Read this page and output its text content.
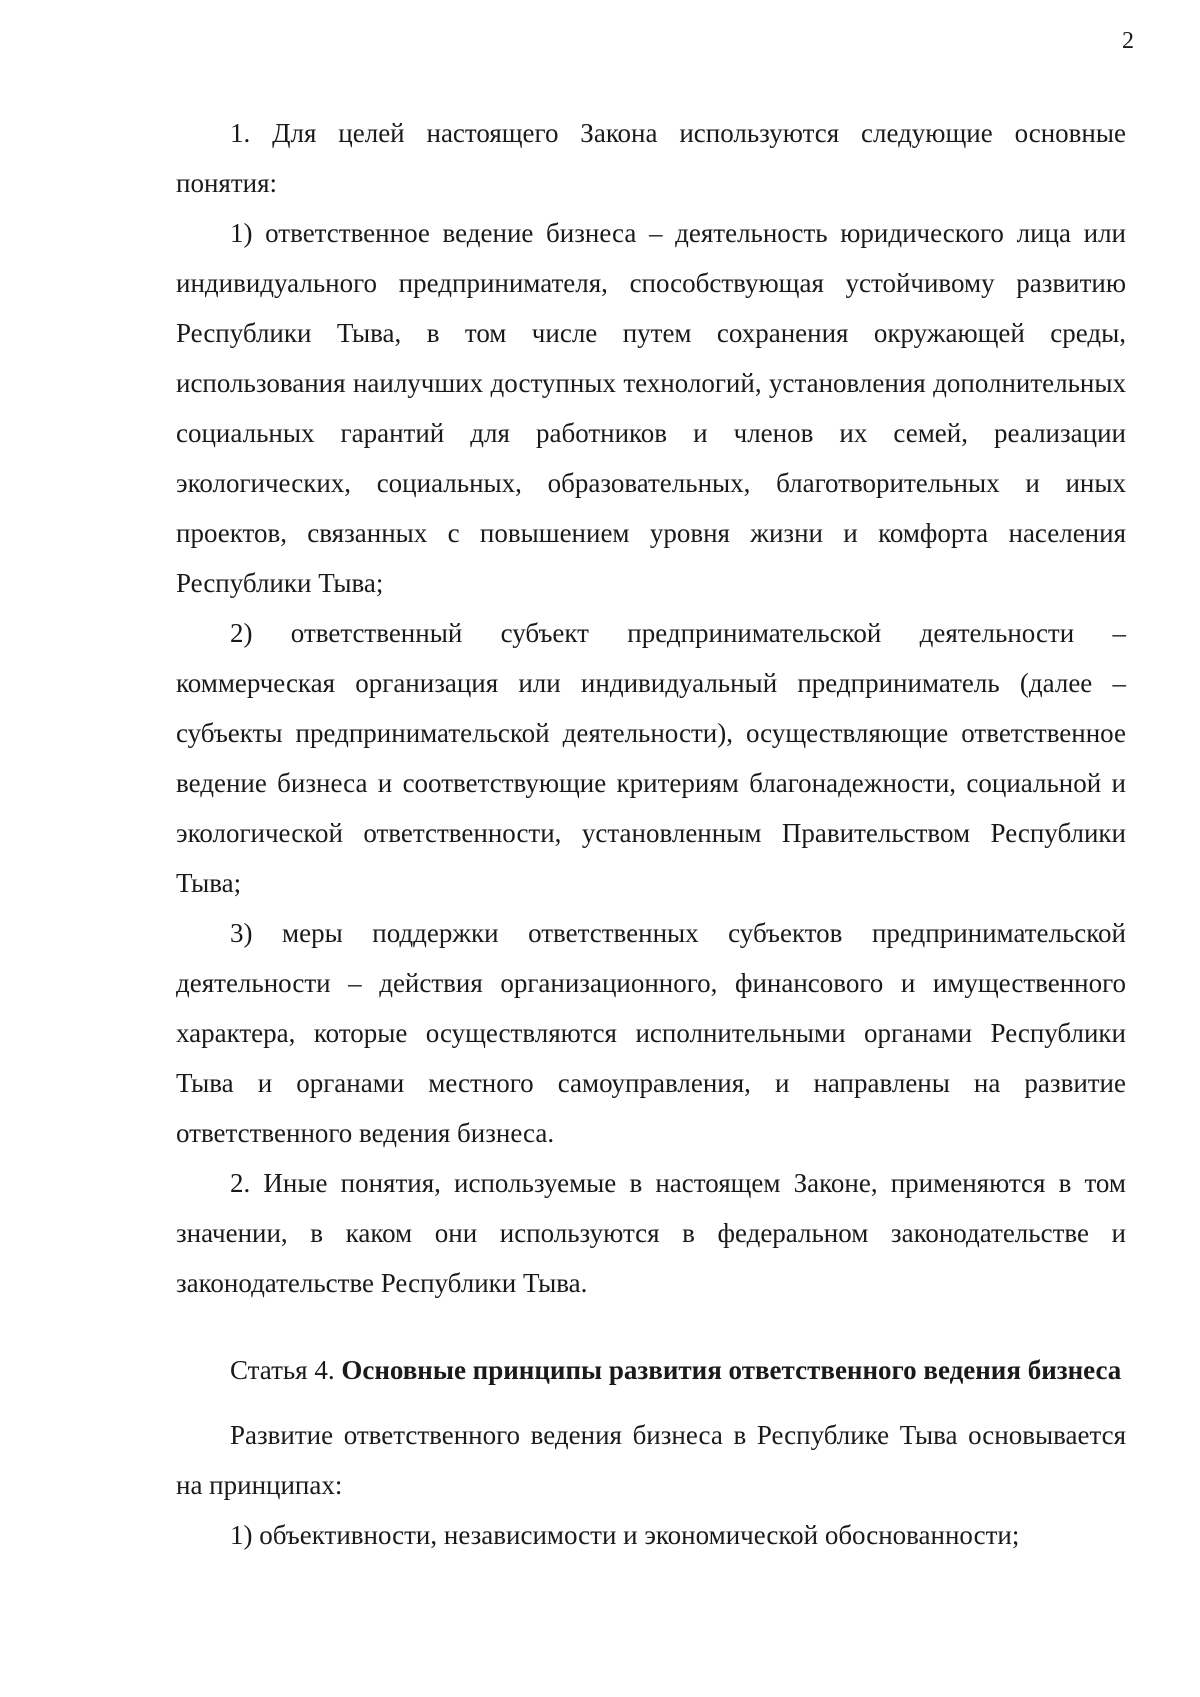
2

1. Для целей настоящего Закона используются следующие основные понятия:

1) ответственное ведение бизнеса – деятельность юридического лица или индивидуального предпринимателя, способствующая устойчивому развитию Республики Тыва, в том числе путем сохранения окружающей среды, использования наилучших доступных технологий, установления дополнительных социальных гарантий для работников и членов их семей, реализации экологических, социальных, образовательных, благотворительных и иных проектов, связанных с повышением уровня жизни и комфорта населения Республики Тыва;

2) ответственный субъект предпринимательской деятельности – коммерческая организация или индивидуальный предприниматель (далее – субъекты предпринимательской деятельности), осуществляющие ответственное ведение бизнеса и соответствующие критериям благонадежности, социальной и экологической ответственности, установленным Правительством Республики Тыва;

3) меры поддержки ответственных субъектов предпринимательской деятельности – действия организационного, финансового и имущественного характера, которые осуществляются исполнительными органами Республики Тыва и органами местного самоуправления, и направлены на развитие ответственного ведения бизнеса.

2. Иные понятия, используемые в настоящем Законе, применяются в том значении, в каком они используются в федеральном законодательстве и законодательстве Республики Тыва.

Статья 4. Основные принципы развития ответственного ведения бизнеса

Развитие ответственного ведения бизнеса в Республике Тыва основывается на принципах:

1) объективности, независимости и экономической обоснованности;
